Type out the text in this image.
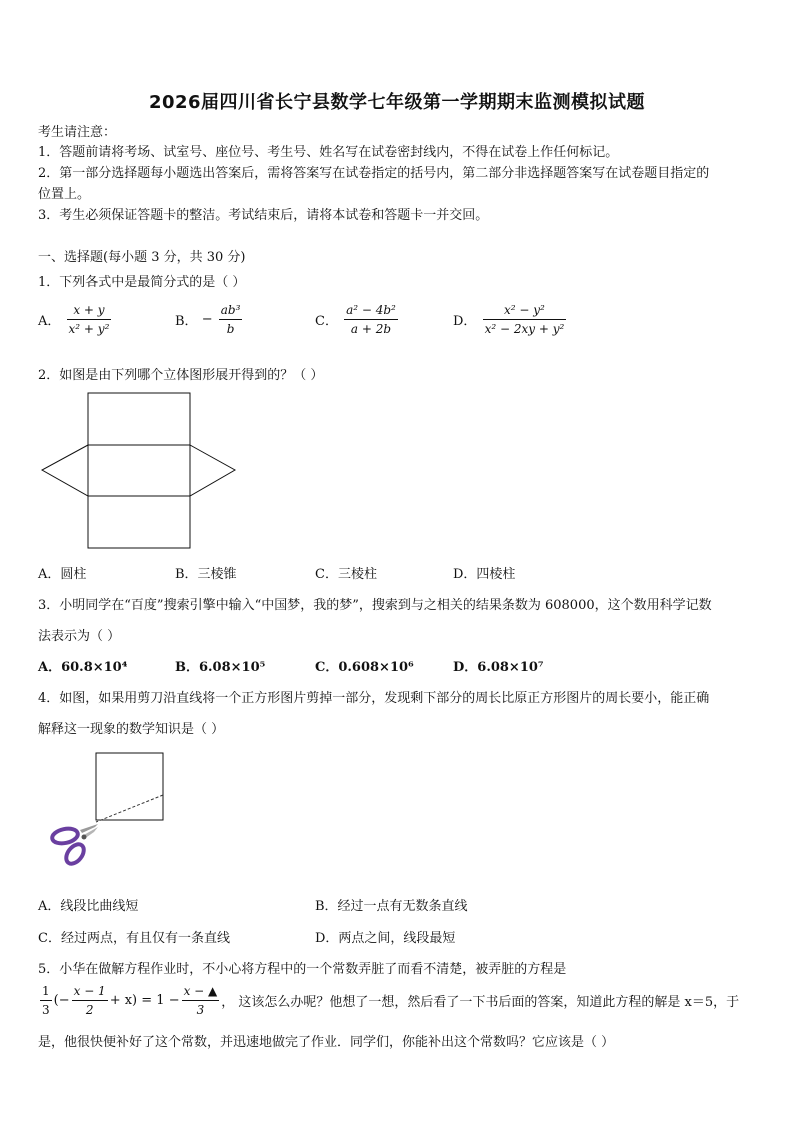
2026届四川省长宁县数学七年级第一学期期末监测模拟试题
考生请注意：
1．答题前请将考场、试室号、座位号、考生号、姓名写在试卷密封线内，不得在试卷上作任何标记。
2．第一部分选择题每小题选出答案后，需将答案写在试卷指定的括号内，第二部分非选择题答案写在试卷题目指定的
位置上。
3．考生必须保证答题卡的整洁。考试结束后，请将本试卷和答题卡一并交回。
一、选择题(每小题 3 分，共 30 分)
1．下列各式中是最简分式的是（ ）
A． $\frac{x + y}{\text{x² + y²}}$	B． − $\frac{\text{ab³}}{b}$	C． $\frac{\text{a² − 4b²}}{a + 2b}$	D． $\frac{\text{x² − y²}}{\text{x² − 2xy + y²}}$
2．如图是由下列哪个立体图形展开得到的？（ ）
A．圆柱	B．三棱锥	C．三棱柱	D．四棱柱
3．小明同学在“百度”搜索引擎中输入“中国梦，我的梦”，搜索到与之相关的结果条数为 608000，这个数用科学记数
法表示为（ ）
A．60.8×10⁴	B．6.08×10⁵	C．0.608×10⁶	D．6.08×10⁷
4．如图，如果用剪刀沿直线将一个正方形图片剪掉一部分，发现剩下部分的周长比原正方形图片的周长要小，能正确
解释这一现象的数学知识是（ ）
A．线段比曲线短	B．经过一点有无数条直线
C．经过两点，有且仅有一条直线	D．两点之间，线段最短
5．小华在做解方程作业时，不小心将方程中的一个常数弄脏了而看不清楚，被弄脏的方程是
$\frac{1}{3}$ (− $\frac{x - 1}{2} + x) = 1 - \frac{x - ▲}{3}$ ， 这该怎么办呢？他想了一想，然后看了一下书后面的答案，知道此方程的解是 x＝5，于
是，他很快便补好了这个常数，并迅速地做完了作业．同学们，你能补出这个常数吗？它应该是（ ）
